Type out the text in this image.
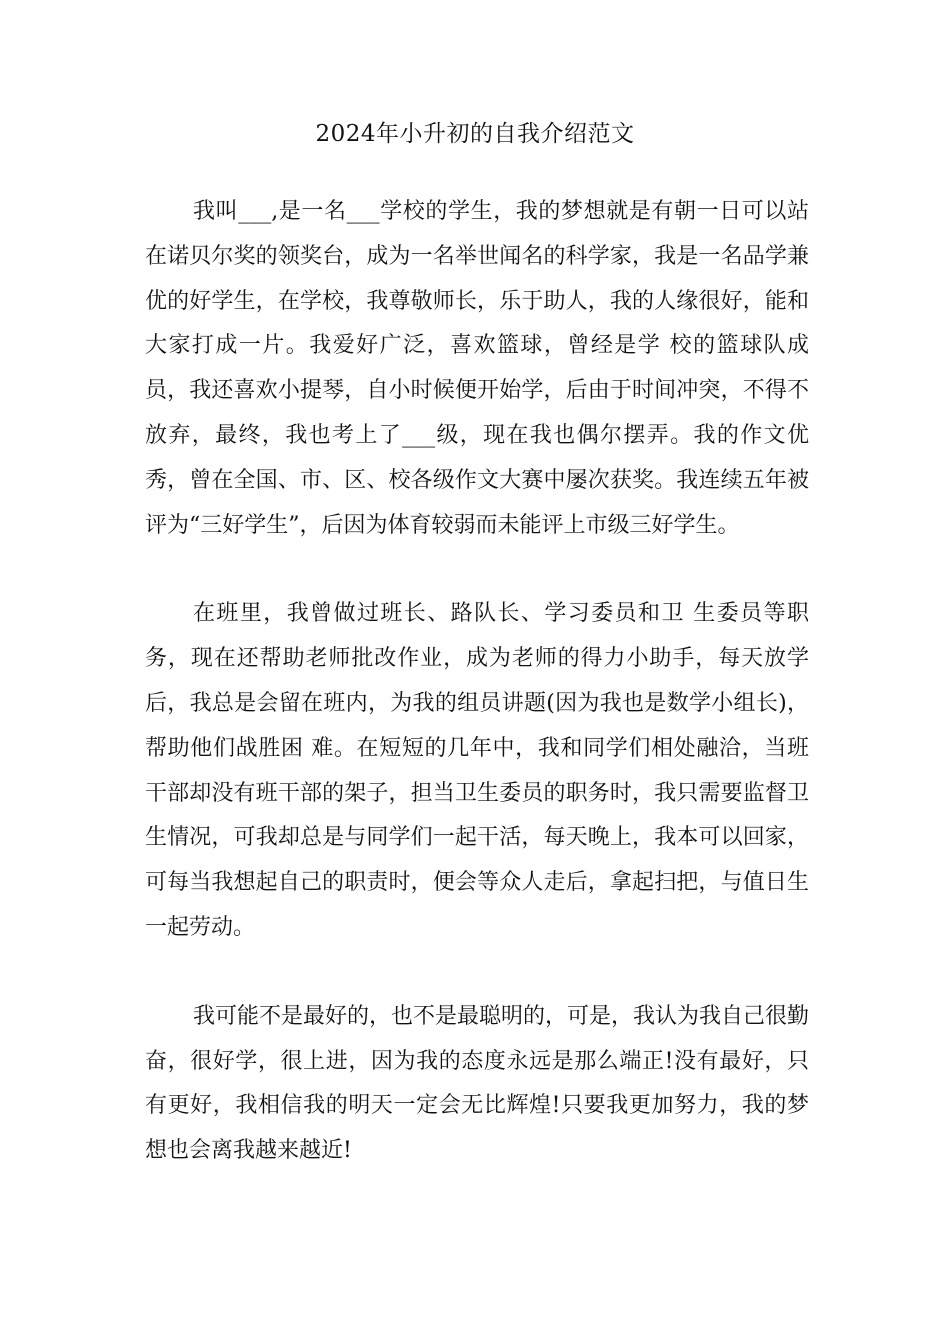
2024年小升初的自我介绍范文

我叫___,是一名___学校的学生，我的梦想就是有朝一日可以站在诺贝尔奖的领奖台，成为一名举世闻名的科学家，我是一名品学兼优的好学生，在学校，我尊敬师长，乐于助人，我的人缘很好，能和大家打成一片。我爱好广泛，喜欢篮球，曾经是学 校的篮球队成员，我还喜欢小提琴，自小时候便开始学，后由于时间冲突，不得不放弃，最终，我也考上了___级，现在我也偶尔摆弄。我的作文优秀，曾在全国、市、区、校各级作文大赛中屡次获奖。我连续五年被评为“三好学生”，后因为体育较弱而未能评上市级三好学生。

在班里，我曾做过班长、路队长、学习委员和卫 生委员等职务，现在还帮助老师批改作业，成为老师的得力小助手，每天放学后，我总是会留在班内，为我的组员讲题(因为我也是数学小组长)，帮助他们战胜困 难。在短短的几年中，我和同学们相处融洽，当班干部却没有班干部的架子，担当卫生委员的职务时，我只需要监督卫生情况，可我却总是与同学们一起干活，每天晚上，我本可以回家，可每当我想起自己的职责时，便会等众人走后，拿起扫把，与值日生一起劳动。

我可能不是最好的，也不是最聪明的，可是，我认为我自己很勤奋，很好学，很上进，因为我的态度永远是那么端正!没有最好，只有更好，我相信我的明天一定会无比辉煌!只要我更加努力，我的梦想也会离我越来越近!
